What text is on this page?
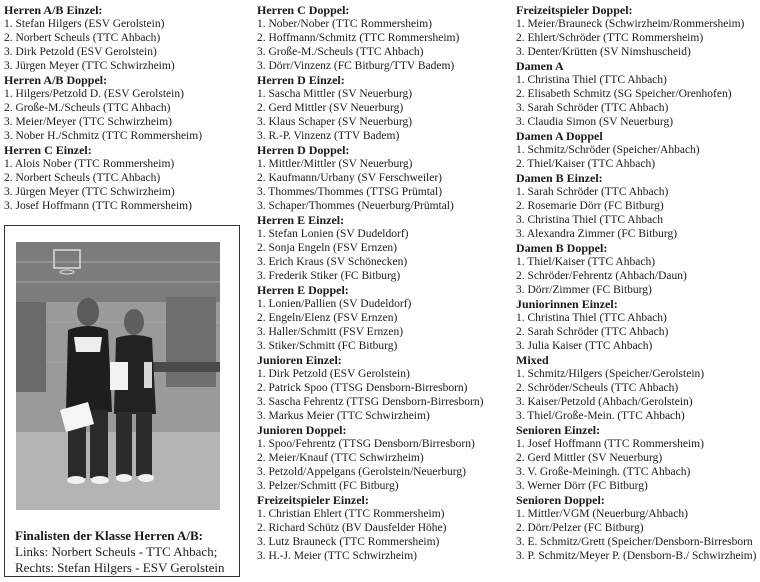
Herren A/B Einzel:

1. Stefan Hilgers (ESV Gerolstein)

2. Norbert Scheuls (TTC Ahbach)

3. Dirk Petzold (ESV Gerolstein)

3. Jürgen Meyer (TTC Schwirzheim)

Herren A/B Doppel:

1. Hilgers/Petzold D. (ESV Gerolstein)

2. Große-M./Scheuls (TTC Ahbach)

3. Meier/Meyer (TTC Schwirzheim)

3. Nober H./Schmitz (TTC Rommersheim)

Herren C Einzel:

1. Alois Nober (TTC Rommersheim)

2. Norbert Scheuls (TTC Ahbach)

3. Jürgen Meyer (TTC Schwirzheim)

3. Josef Hoffmann (TTC Rommersheim)

Herren C Doppel:

1. Nober/Nober (TTC Rommersheim)

2. Hoffmann/Schmitz (TTC Rommersheim)

3. Große-M./Scheuls (TTC Ahbach)

3. Dörr/Vinzenz (FC Bitburg/TTV Badem)

Herren D Einzel:

1. Sascha Mittler (SV Neuerburg)

2. Gerd Mittler (SV Neuerburg)

3. Klaus Schaper (SV Neuerburg)

3. R.-P. Vinzenz (TTV Badem)

Herren D Doppel:

1. Mittler/Mittler (SV Neuerburg)

2. Kaufmann/Urbany (SV Ferschweiler)

3. Thommes/Thommes (TTSG Prümtal)

3. Schaper/Thommes (Neuerburg/Prümtal)

Herren E Einzel:

1. Stefan Lonien (SV Dudeldorf)

2. Sonja Engeln (FSV Ernzen)

3. Erich Kraus (SV Schönecken)

3. Frederik Stiker (FC Bitburg)

Herren E Doppel:

1. Lonien/Pallien (SV Dudeldorf)

2. Engeln/Elenz (FSV Ernzen)

3. Haller/Schmitt (FSV Ernzen)

3. Stiker/Schmitt (FC Bitburg)

Junioren Einzel:

1. Dirk Petzold (ESV Gerolstein)

2. Patrick Spoo (TTSG Densborn-Birresborn)

3. Sascha Fehrentz (TTSG Densborn-Birresborn)

3. Markus Meier (TTC Schwirzheim)

Junioren Doppel:

1. Spoo/Fehrentz (TTSG Densborn/Birresborn)

2. Meier/Knauf (TTC Schwirzheim)

3. Petzold/Appelgans (Gerolstein/Neuerburg)

3. Pelzer/Schmitt (FC Bitburg)

Freizeitspieler Einzel:

1. Christian Ehlert (TTC Rommersheim)

2. Richard Schütz (BV Dausfelder Höhe)

3. Lutz Brauneck (TTC Rommersheim)

3. H.-J. Meier (TTC Schwirzheim)

Freizeitspieler Doppel:

1. Meier/Brauneck (Schwirzheim/Rommersheim)

2. Ehlert/Schröder (TTC Rommersheim)

3. Denter/Krütten (SV Nimshuscheid)

Damen A

1. Christina Thiel (TTC Ahbach)

2. Elisabeth Schmitz (SG Speicher/Orenhofen)

3. Sarah Schröder (TTC Ahbach)

3. Claudia Simon (SV Neuerburg)

Damen A Doppel

1. Schmitz/Schröder (Speicher/Ahbach)

2. Thiel/Kaiser (TTC Ahbach)

Damen B Einzel:

1. Sarah Schröder (TTC Ahbach)

2. Rosemarie Dörr (FC Bitburg)

3. Christina Thiel (TTC Ahbach

3. Alexandra Zimmer (FC Bitburg)

Damen B Doppel:

1. Thiel/Kaiser (TTC Ahbach)

2. Schröder/Fehrentz (Ahbach/Daun)

3. Dörr/Zimmer (FC Bitburg)

Juniorinnen Einzel:

1. Christina Thiel (TTC Ahbach)

2. Sarah Schröder (TTC Ahbach)

3. Julia Kaiser (TTC Ahbach)

Mixed

1. Schmitz/Hilgers (Speicher/Gerolstein)

2. Schröder/Scheuls (TTC Ahbach)

3. Kaiser/Petzold (Ahbach/Gerolstein)

3. Thiel/Große-Mein. (TTC Ahbach)

Senioren Einzel:

1. Josef Hoffmann (TTC Rommersheim)

2. Gerd Mittler (SV Neuerburg)

3. V. Große-Meiningh. (TTC Ahbach)

3. Werner Dörr (FC Bitburg)

Senioren Doppel:

1. Mittler/VGM (Neuerburg/Ahbach)

2. Dörr/Pelzer (FC Bitburg)

3. E. Schmitz/Grett (Speicher/Densborn-Birresborn

3. P. Schmitz/Meyer P. (Densborn-B./ Schwirzheim)

Finalisten der Klasse Herren A/B:
Links: Norbert Scheuls - TTC Ahbach;
Rechts: Stefan Hilgers - ESV Gerolstein
